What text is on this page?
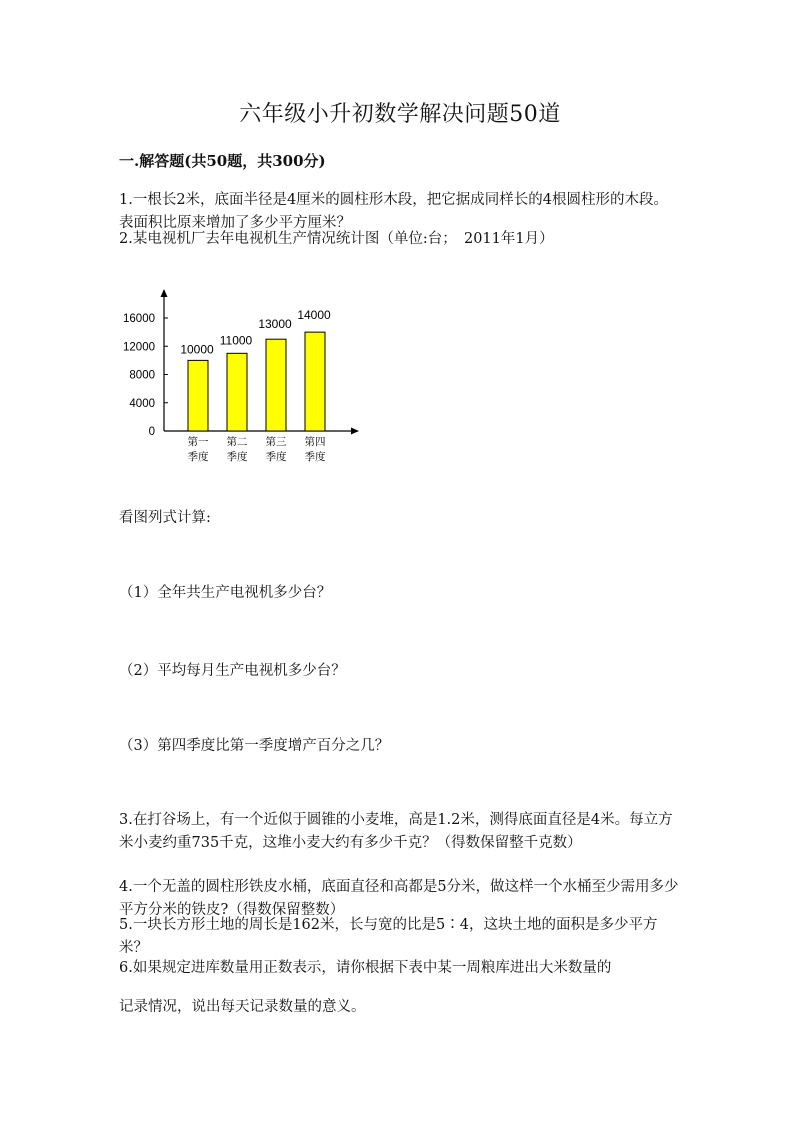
六年级小升初数学解决问题50道
一.解答题(共50题，共300分)

1.一根长2米，底面半径是4厘米的圆柱形木段，把它据成同样长的4根圆柱形的木段。表面积比原来增加了多少平方厘米？

2.某电视机厂去年电视机生产情况统计图（单位:台；　2011年1月）

0
4000
8000
12000
16000
10000
第一
季度
11000
第二
季度
13000
第三
季度
14000
第四
季度

看图列式计算:

（1）全年共生产电视机多少台？

（2）平均每月生产电视机多少台？

（3）第四季度比第一季度增产百分之几？

3.在打谷场上，有一个近似于圆锥的小麦堆，高是1.2米，测得底面直径是4米。每立方米小麦约重735千克，这堆小麦大约有多少千克？（得数保留整千克数）

4.一个无盖的圆柱形铁皮水桶，底面直径和高都是5分米，做这样一个水桶至少需用多少平方分米的铁皮?（得数保留整数）

5.一块长方形土地的周长是162米，长与宽的比是5∶4，这块土地的面积是多少平方米？

6.如果规定进库数量用正数表示，请你根据下表中某一周粮库进出大米数量的

记录情况，说出每天记录数量的意义。
